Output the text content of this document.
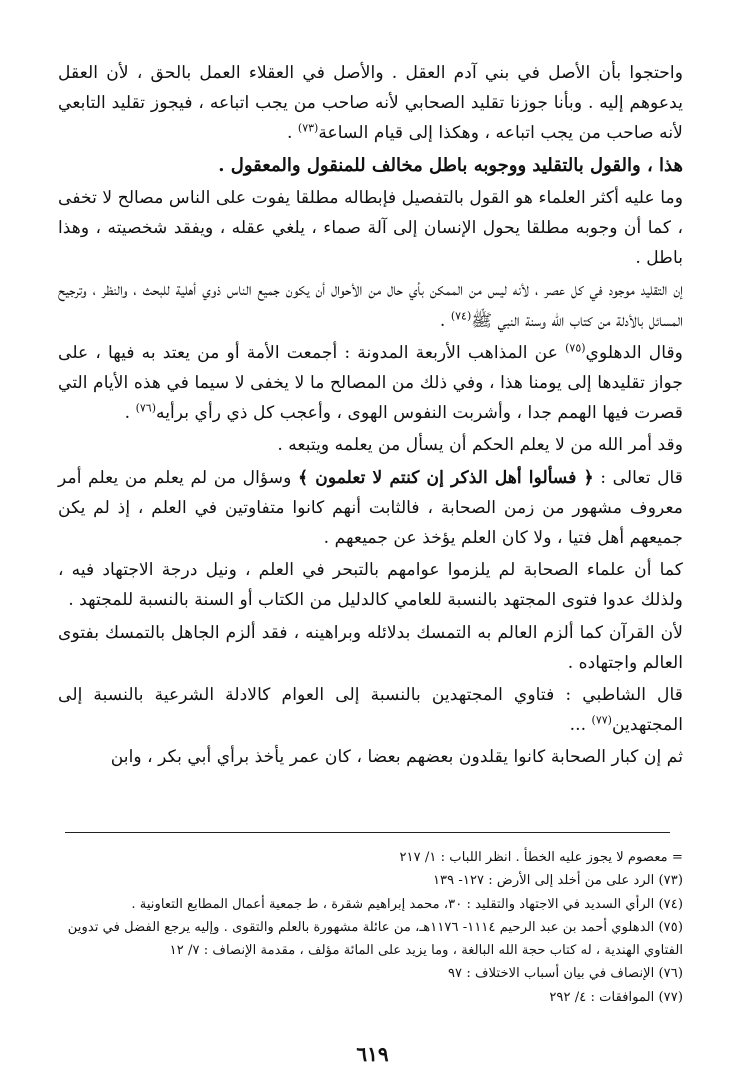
واحتجوا بأن الأصل في بني آدم العقل . والأصل في العقلاء العمل بالحق ، لأن العقل يدعوهم إليه . وبأنا جوزنا تقليد الصحابي لأنه صاحب من يجب اتباعه ، فيجوز تقليد التابعي لأنه صاحب من يجب اتباعه ، وهكذا إلى قيام الساعة$^{(٧٣)}$ .

هذا ، والقول بالتقليد ووجوبه باطل مخالف للمنقول والمعقول .

وما عليه أكثر العلماء هو القول بالتفصيل فإبطاله مطلقا يفوت على الناس مصالح لا تخفى ، كما أن وجوبه مطلقا يحول الإنسان إلى آلة صماء ، يلغي عقله ، ويفقد شخصيته ، وهذا باطل .

إن التقليد موجود في كل عصر ، لأنه ليس من الممكن بأي حال من الأحوال أن يكون جميع الناس ذوي أهلية للبحث ، والنظر ، وترجيح المسائل بالأدلة من كتاب الله وسنة النبي ﷺ$^{(٧٤)}$ .

وقال الدهلوي$^{(٧٥)}$ عن المذاهب الأربعة المدونة : أجمعت الأمة أو من يعتد به فيها ، على جواز تقليدها إلى يومنا هذا ، وفي ذلك من المصالح ما لا يخفى لا سيما في هذه الأيام التي قصرت فيها الهمم جدا ، وأشربت النفوس الهوى ، وأعجب كل ذي رأي برأيه$^{(٧٦)}$ .

وقد أمر الله من لا يعلم الحكم أن يسأل من يعلمه ويتبعه .

قال تعالى : ﴿ فسألوا أهل الذكر إن كنتم لا تعلمون ﴾ وسؤال من لم يعلم من يعلم أمر معروف مشهور من زمن الصحابة ، فالثابت أنهم كانوا متفاوتين في العلم ، إذ لم يكن جميعهم أهل فتيا ، ولا كان العلم يؤخذ عن جميعهم .

كما أن علماء الصحابة لم يلزموا عوامهم بالتبحر في العلم ، ونيل درجة الاجتهاد فيه ، ولذلك عدوا فتوى المجتهد بالنسبة للعامي كالدليل من الكتاب أو السنة بالنسبة للمجتهد .

لأن القرآن كما ألزم العالم به التمسك بدلائله وبراهينه ، فقد ألزم الجاهل بالتمسك بفتوى العالم واجتهاده .

قال الشاطبي : فتاوي المجتهدين بالنسبة إلى العوام كالادلة الشرعية بالنسبة إلى المجتهدين$^{(٧٧)}$ ...

ثم إن كبار الصحابة كانوا يقلدون بعضهم بعضا ، كان عمر يأخذ برأي أبي بكر ، وابن

= معصوم لا يجوز عليه الخطأ . انظر اللباب : ١/ ٢١٧
(٧٣) الرد على من أخلد إلى الأرض : ١٢٧- ١٣٩
(٧٤) الرأي السديد في الاجتهاد والتقليد : ٣٠، محمد إبراهيم شقرة ، ط جمعية أعمال المطابع التعاونية .
(٧٥) الدهلوي أحمد بن عبد الرحيم ١١١٤- ١١٧٦هـ، من عائلة مشهورة بالعلم والتقوى . وإليه يرجع الفضل في تدوين الفتاوي الهندية ، له كتاب حجة الله البالغة ، وما يزيد على المائة مؤلف ، مقدمة الإنصاف : ٧/ ١٢
(٧٦) الإنصاف في بيان أسباب الاختلاف : ٩٧
(٧٧) الموافقات : ٤/ ٢٩٢
٦١٩
